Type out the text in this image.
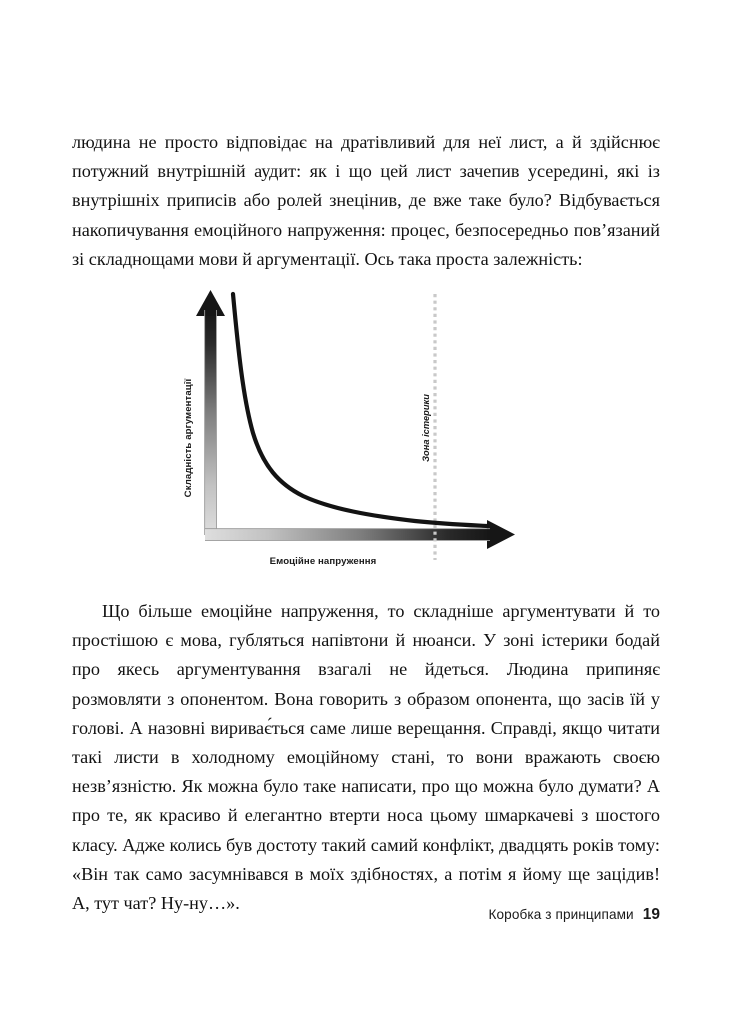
людина не просто відповідає на дратівливий для неї лист, а й здійснює потужний внутрішній аудит: як і що цей лист зачепив усередині, які із внутрішніх приписів або ролей знецінив, де вже таке було? Відбувається накопичування емоційного напруження: процес, безпосередньо пов’язаний зі складнощами мови й аргументації. Ось така проста залежність:

Складність аргументації
Емоційне напруження
Зона істерики

Що більше емоційне напруження, то складніше аргументувати й то простішою є мова, губляться напівтони й нюанси. У зоні істерики бодай про якесь аргументування взагалі не йдеться. Людина припиняє розмовляти з опонентом. Вона говорить з образом опонента, що засів їй у голові. А назовні вириває́ться саме лише верещання. Справді, якщо читати такі листи в холодному емоційному стані, то вони вражають своєю незв’язністю. Як можна було таке написати, про що можна було думати? А про те, як красиво й елегантно втерти носа цьому шмаркачеві з шостого класу. Адже колись був достоту такий самий конфлікт, двадцять років тому: «Він так само засумнівався в моїх здібностях, а потім я йому ще зацідив! А, тут чат? Ну-ну…».

Коробка з принципами 19
